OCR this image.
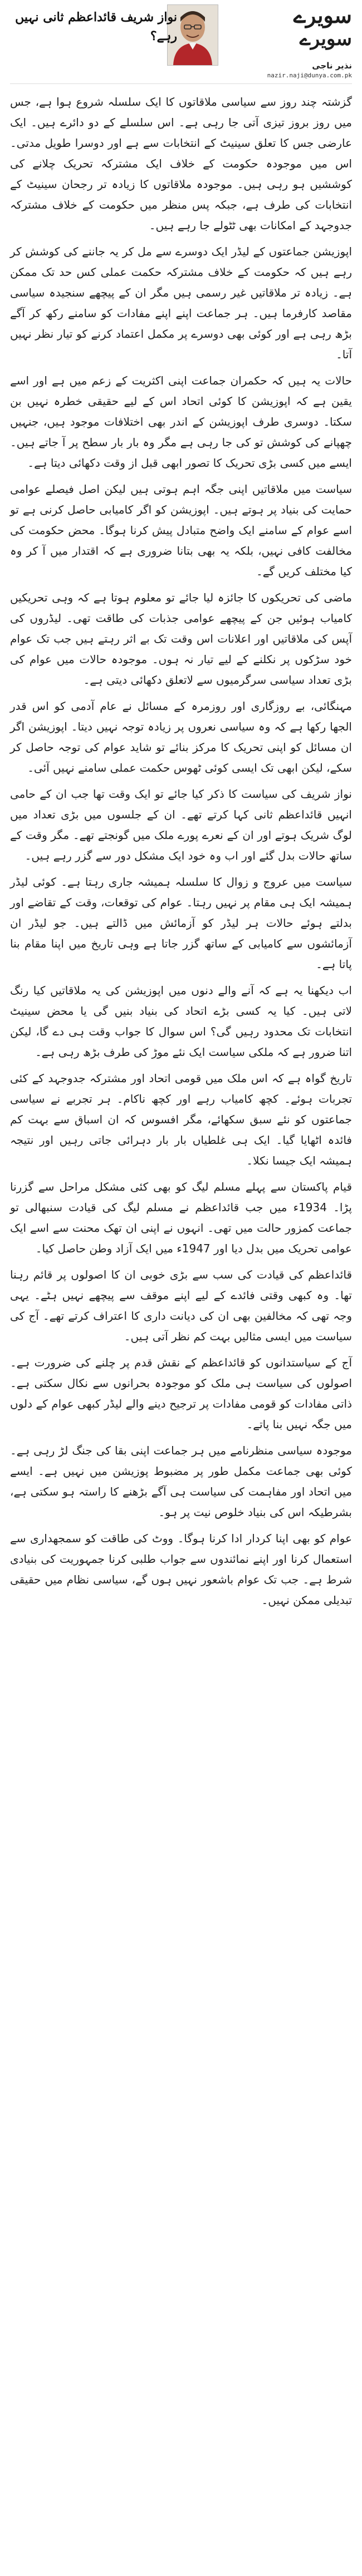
سویرے
سویرے
نذیر ناجی
nazir.naji@dunya.com.pk
نواز شریف قائداعظم ثانی نہیں رہے؟

گزشتہ چند روز سے سیاسی ملاقاتوں کا ایک سلسلہ شروع ہوا ہے، جس میں روز بروز تیزی آتی جا رہی ہے۔ اس سلسلے کے دو دائرے ہیں۔ ایک عارضی جس کا تعلق سینیٹ کے انتخابات سے ہے اور دوسرا طویل مدتی۔ اس میں موجودہ حکومت کے خلاف ایک مشترکہ تحریک چلانے کی کوششیں ہو رہی ہیں۔ موجودہ ملاقاتوں کا زیادہ تر رجحان سینیٹ کے انتخابات کی طرف ہے، جبکہ پس منظر میں حکومت کے خلاف مشترکہ جدوجہد کے امکانات بھی ٹٹولے جا رہے ہیں۔

اپوزیشن جماعتوں کے لیڈر ایک دوسرے سے مل کر یہ جاننے کی کوشش کر رہے ہیں کہ حکومت کے خلاف مشترکہ حکمت عملی کس حد تک ممکن ہے۔ زیادہ تر ملاقاتیں غیر رسمی ہیں مگر ان کے پیچھے سنجیدہ سیاسی مقاصد کارفرما ہیں۔ ہر جماعت اپنے اپنے مفادات کو سامنے رکھ کر آگے بڑھ رہی ہے اور کوئی بھی دوسرے پر مکمل اعتماد کرنے کو تیار نظر نہیں آتا۔

حالات یہ ہیں کہ حکمران جماعت اپنی اکثریت کے زعم میں ہے اور اسے یقین ہے کہ اپوزیشن کا کوئی اتحاد اس کے لیے حقیقی خطرہ نہیں بن سکتا۔ دوسری طرف اپوزیشن کے اندر بھی اختلافات موجود ہیں، جنہیں چھپانے کی کوشش تو کی جا رہی ہے مگر وہ بار بار سطح پر آ جاتے ہیں۔ ایسے میں کسی بڑی تحریک کا تصور ابھی قبل از وقت دکھائی دیتا ہے۔

سیاست میں ملاقاتیں اپنی جگہ اہم ہوتی ہیں لیکن اصل فیصلے عوامی حمایت کی بنیاد پر ہوتے ہیں۔ اپوزیشن کو اگر کامیابی حاصل کرنی ہے تو اسے عوام کے سامنے ایک واضح متبادل پیش کرنا ہوگا۔ محض حکومت کی مخالفت کافی نہیں، بلکہ یہ بھی بتانا ضروری ہے کہ اقتدار میں آ کر وہ کیا مختلف کریں گے۔

ماضی کی تحریکوں کا جائزہ لیا جائے تو معلوم ہوتا ہے کہ وہی تحریکیں کامیاب ہوئیں جن کے پیچھے عوامی جذبات کی طاقت تھی۔ لیڈروں کی آپس کی ملاقاتیں اور اعلانات اس وقت تک بے اثر رہتے ہیں جب تک عوام خود سڑکوں پر نکلنے کے لیے تیار نہ ہوں۔ موجودہ حالات میں عوام کی بڑی تعداد سیاسی سرگرمیوں سے لاتعلق دکھائی دیتی ہے۔

مہنگائی، بے روزگاری اور روزمرہ کے مسائل نے عام آدمی کو اس قدر الجھا رکھا ہے کہ وہ سیاسی نعروں پر زیادہ توجہ نہیں دیتا۔ اپوزیشن اگر ان مسائل کو اپنی تحریک کا مرکز بنائے تو شاید عوام کی توجہ حاصل کر سکے، لیکن ابھی تک ایسی کوئی ٹھوس حکمت عملی سامنے نہیں آئی۔

نواز شریف کی سیاست کا ذکر کیا جائے تو ایک وقت تھا جب ان کے حامی انہیں قائداعظم ثانی کہا کرتے تھے۔ ان کے جلسوں میں بڑی تعداد میں لوگ شریک ہوتے اور ان کے نعرے پورے ملک میں گونجتے تھے۔ مگر وقت کے ساتھ حالات بدل گئے اور اب وہ خود ایک مشکل دور سے گزر رہے ہیں۔

سیاست میں عروج و زوال کا سلسلہ ہمیشہ جاری رہتا ہے۔ کوئی لیڈر ہمیشہ ایک ہی مقام پر نہیں رہتا۔ عوام کی توقعات، وقت کے تقاضے اور بدلتے ہوئے حالات ہر لیڈر کو آزمائش میں ڈالتے ہیں۔ جو لیڈر ان آزمائشوں سے کامیابی کے ساتھ گزر جاتا ہے وہی تاریخ میں اپنا مقام بنا پاتا ہے۔

اب دیکھنا یہ ہے کہ آنے والے دنوں میں اپوزیشن کی یہ ملاقاتیں کیا رنگ لاتی ہیں۔ کیا یہ کسی بڑے اتحاد کی بنیاد بنیں گی یا محض سینیٹ انتخابات تک محدود رہیں گی؟ اس سوال کا جواب وقت ہی دے گا، لیکن اتنا ضرور ہے کہ ملکی سیاست ایک نئے موڑ کی طرف بڑھ رہی ہے۔

تاریخ گواہ ہے کہ اس ملک میں قومی اتحاد اور مشترکہ جدوجہد کے کئی تجربات ہوئے۔ کچھ کامیاب رہے اور کچھ ناکام۔ ہر تجربے نے سیاسی جماعتوں کو نئے سبق سکھائے، مگر افسوس کہ ان اسباق سے بہت کم فائدہ اٹھایا گیا۔ ایک ہی غلطیاں بار بار دہرائی جاتی رہیں اور نتیجہ ہمیشہ ایک جیسا نکلا۔

قیام پاکستان سے پہلے مسلم لیگ کو بھی کئی مشکل مراحل سے گزرنا پڑا۔ 1934ء میں جب قائداعظم نے مسلم لیگ کی قیادت سنبھالی تو جماعت کمزور حالت میں تھی۔ انہوں نے اپنی ان تھک محنت سے اسے ایک عوامی تحریک میں بدل دیا اور 1947ء میں ایک آزاد وطن حاصل کیا۔

قائداعظم کی قیادت کی سب سے بڑی خوبی ان کا اصولوں پر قائم رہنا تھا۔ وہ کبھی وقتی فائدے کے لیے اپنے موقف سے پیچھے نہیں ہٹے۔ یہی وجہ تھی کہ مخالفین بھی ان کی دیانت داری کا اعتراف کرتے تھے۔ آج کی سیاست میں ایسی مثالیں بہت کم نظر آتی ہیں۔

آج کے سیاستدانوں کو قائداعظم کے نقش قدم پر چلنے کی ضرورت ہے۔ اصولوں کی سیاست ہی ملک کو موجودہ بحرانوں سے نکال سکتی ہے۔ ذاتی مفادات کو قومی مفادات پر ترجیح دینے والے لیڈر کبھی عوام کے دلوں میں جگہ نہیں بنا پاتے۔

موجودہ سیاسی منظرنامے میں ہر جماعت اپنی بقا کی جنگ لڑ رہی ہے۔ کوئی بھی جماعت مکمل طور پر مضبوط پوزیشن میں نہیں ہے۔ ایسے میں اتحاد اور مفاہمت کی سیاست ہی آگے بڑھنے کا راستہ ہو سکتی ہے، بشرطیکہ اس کی بنیاد خلوص نیت پر ہو۔

عوام کو بھی اپنا کردار ادا کرنا ہوگا۔ ووٹ کی طاقت کو سمجھداری سے استعمال کرنا اور اپنے نمائندوں سے جواب طلبی کرنا جمہوریت کی بنیادی شرط ہے۔ جب تک عوام باشعور نہیں ہوں گے، سیاسی نظام میں حقیقی تبدیلی ممکن نہیں۔
